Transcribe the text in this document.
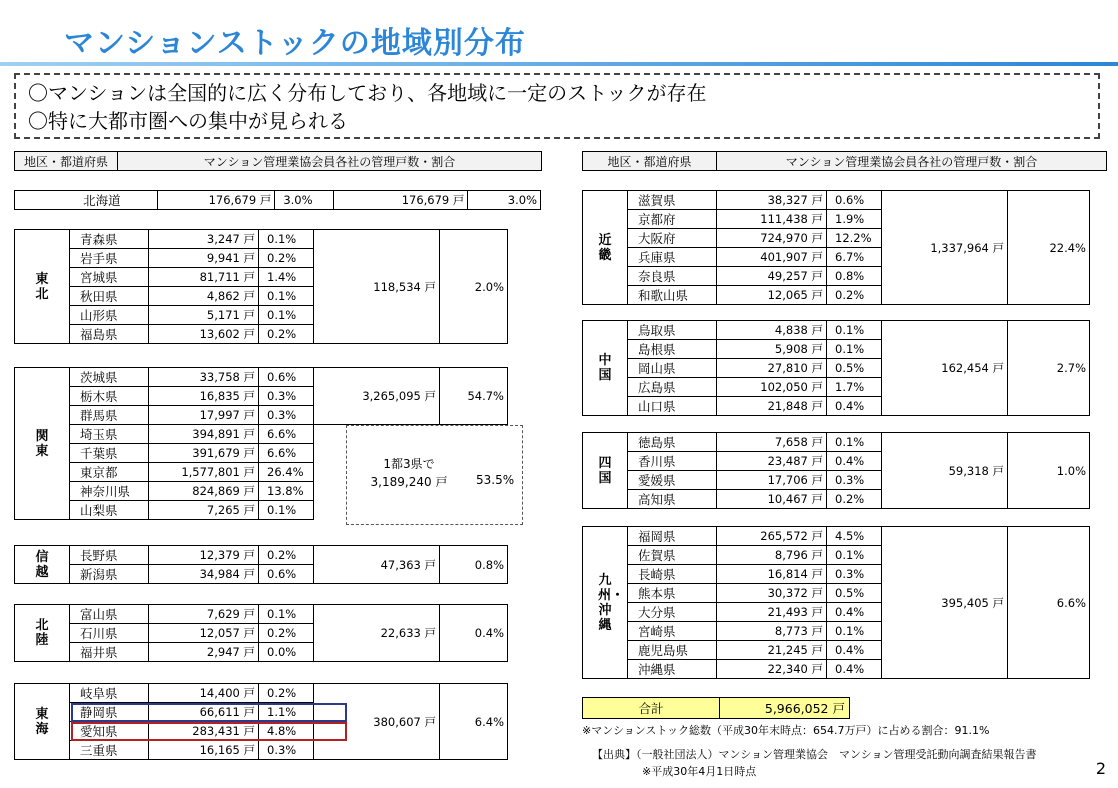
マンションストックの地域別分布
〇マンションは全国的に広く分布しており、各地域に一定のストックが存在
〇特に大都市圏への集中が見られる
地区・都道府県	マンション管理業協会員各社の管理戸数・割合	地区・都道府県	マンション管理業協会員各社の管理戸数・割合
	北海道	176,679 戸	3.0%	176,679 戸	3.0%
東北	青森県	3,247 戸	0.1%	118,534 戸	2.0%
	岩手県	9,941 戸	0.2%		
	宮城県	81,711 戸	1.4%		
	秋田県	4,862 戸	0.1%		
	山形県	5,171 戸	0.1%		
	福島県	13,602 戸	0.2%		
関東	茨城県	33,758 戸	0.6%	3,265,095 戸	54.7%
	栃木県	16,835 戸	0.3%		
	群馬県	17,997 戸	0.3%		
	埼玉県	394,891 戸	6.6%		
	千葉県	391,679 戸	6.6%		
	東京都	1,577,801 戸	26.4%		
	神奈川県	824,869 戸	13.8%		
	山梨県	7,265 戸	0.1%		
信越	長野県	12,379 戸	0.2%	47,363 戸	0.8%
	新潟県	34,984 戸	0.6%		
北陸	富山県	7,629 戸	0.1%	22,633 戸	0.4%
	石川県	12,057 戸	0.2%		
	福井県	2,947 戸	0.0%		
東海	岐阜県	14,400 戸	0.2%	380,607 戸	6.4%
	静岡県	66,611 戸	1.1%		
	愛知県	283,431 戸	4.8%		
	三重県	16,165 戸	0.3%		
近畿	滋賀県	38,327 戸	0.6%	1,337,964 戸	22.4%
	京都府	111,438 戸	1.9%		
	大阪府	724,970 戸	12.2%		
	兵庫県	401,907 戸	6.7%		
	奈良県	49,257 戸	0.8%		
	和歌山県	12,065 戸	0.2%		
中国	鳥取県	4,838 戸	0.1%	162,454 戸	2.7%
	島根県	5,908 戸	0.1%		
	岡山県	27,810 戸	0.5%		
	広島県	102,050 戸	1.7%		
	山口県	21,848 戸	0.4%		
四国	徳島県	7,658 戸	0.1%	59,318 戸	1.0%
	香川県	23,487 戸	0.4%		
	愛媛県	17,706 戸	0.3%		
	高知県	10,467 戸	0.2%		
九州・沖縄	福岡県	265,572 戸	4.5%	395,405 戸	6.6%
	佐賀県	8,796 戸	0.1%		
	長崎県	16,814 戸	0.3%		
	熊本県	30,372 戸	0.5%		
	大分県	21,493 戸	0.4%		
	宮崎県	8,773 戸	0.1%		
	鹿児島県	21,245 戸	0.4%		
	沖縄県	22,340 戸	0.4%		
1都3県で
3,189,240 戸	53.5%
合計	5,966,052 戸
※マンションストック総数（平成30年末時点：654.7万戸）に占める割合：91.1%
【出典】（一般社団法人）マンション管理業協会　マンション管理受託動向調査結果報告書
※平成30年4月1日時点	2
